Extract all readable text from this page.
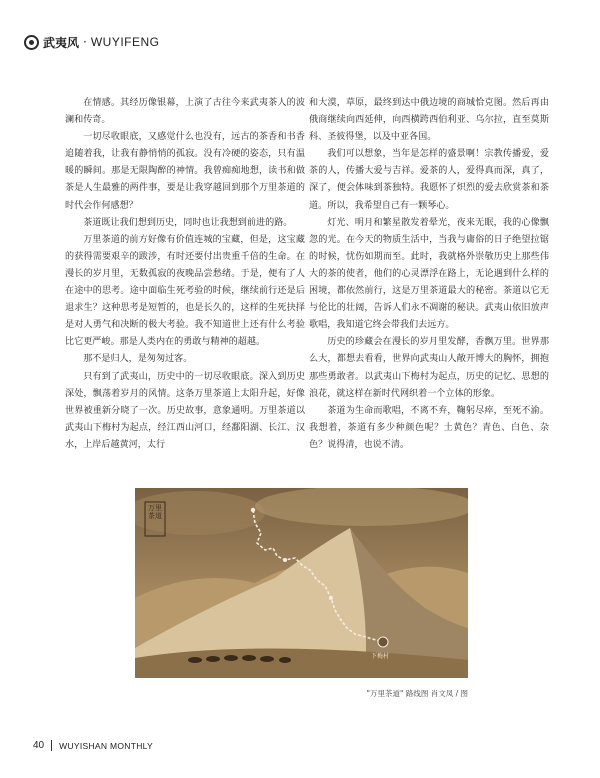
武夷风 · WUYIFENG

在情感。其经历像银幕，上演了古往今来武夷茶人的波澜和传奇。

一切尽收眼底，又感觉什么也没有，远古的茶香和书香追随着我，让我有静悄悄的孤寂。没有冷硬的姿态，只有温暖的瞬间。那是无限陶醉的神情。我曾痴痴地想，读书和做茶是人生最雅的两件事，要是让我穿越回到那个万里茶道的时代会作何感想？

茶道既让我们想到历史，同时也让我想到前进的路。

万里茶道的前方好像有价值连城的宝藏，但是，这宝藏的获得需要艰辛的跋涉，有时还要付出贵重千倍的生命。在漫长的岁月里，无数孤寂的夜晚品尝愁绪。于是，便有了人在途中的思考。途中面临生死考验的时候，继续前行还是后退求生？这种思考是短暂的，也是长久的，这样的生死抉择是对人勇气和决断的极大考验。我不知道世上还有什么考验比它更严峻。那是人类内在的勇敢与精神的超越。

那不是归人，是匆匆过客。

只有到了武夷山，历史中的一切尽收眼底。深入到历史深处，飘荡着岁月的风情。这条万里茶道上太阳升起，好像世界被重新分晓了一次。历史故事，意象通明。万里茶道以武夷山下梅村为起点，经江西山河口，经鄱阳湖、长江、汉水，上岸后越黄河，太行

和大漠，草原，最终到达中俄边境的商城恰克图。然后再由俄商继续向西延伸，向西横跨西伯利亚、乌尔拉，直至莫斯科、圣彼得堡，以及中亚各国。

我们可以想象，当年是怎样的盛景啊！宗教传播爱，爱茶的人，传播大爱与吉祥。爱茶的人，爱得真而深，真了，深了，便会体味到茶独特。我愿怀了炽烈的爱去欣赏茶和茶道。所以，我希望自己有一颗琴心。

灯光、明月和繁星散发着晕光，夜来无眠，我的心像飘忽的光。在今天的物质生活中，当我与庸俗的日子绝望拉锯的时候，忧伤如期而至。此时，我就格外崇敬历史上那些伟大的茶的使者，他们的心灵漂浮在路上，无论遇到什么样的困境，都依然前行，这是万里茶道最大的秘密。茶道以它无与伦比的壮阔，告诉人们永不凋谢的秘诀。武夷山依旧放声歌唱，我知道它终会带我们去远方。

历史的珍藏会在漫长的岁月里发酵，香飘万里。世界那么大，都想去看看，世界向武夷山人敞开博大的胸怀，拥抱那些勇敢者。以武夷山下梅村为起点，历史的记忆、思想的浪花，就这样在新时代网织着一个立体的形象。

茶道为生命而歌唱，不离不弃，鞠躬尽瘁，至死不渝。我想着，茶道有多少种颜色呢？土黄色？青色、白色、杂色？说得清，也说不清。

万里茶道
下梅村
"万里茶道" 路线图 肖文凤 / 图
40 WUYISHAN MONTHLY
